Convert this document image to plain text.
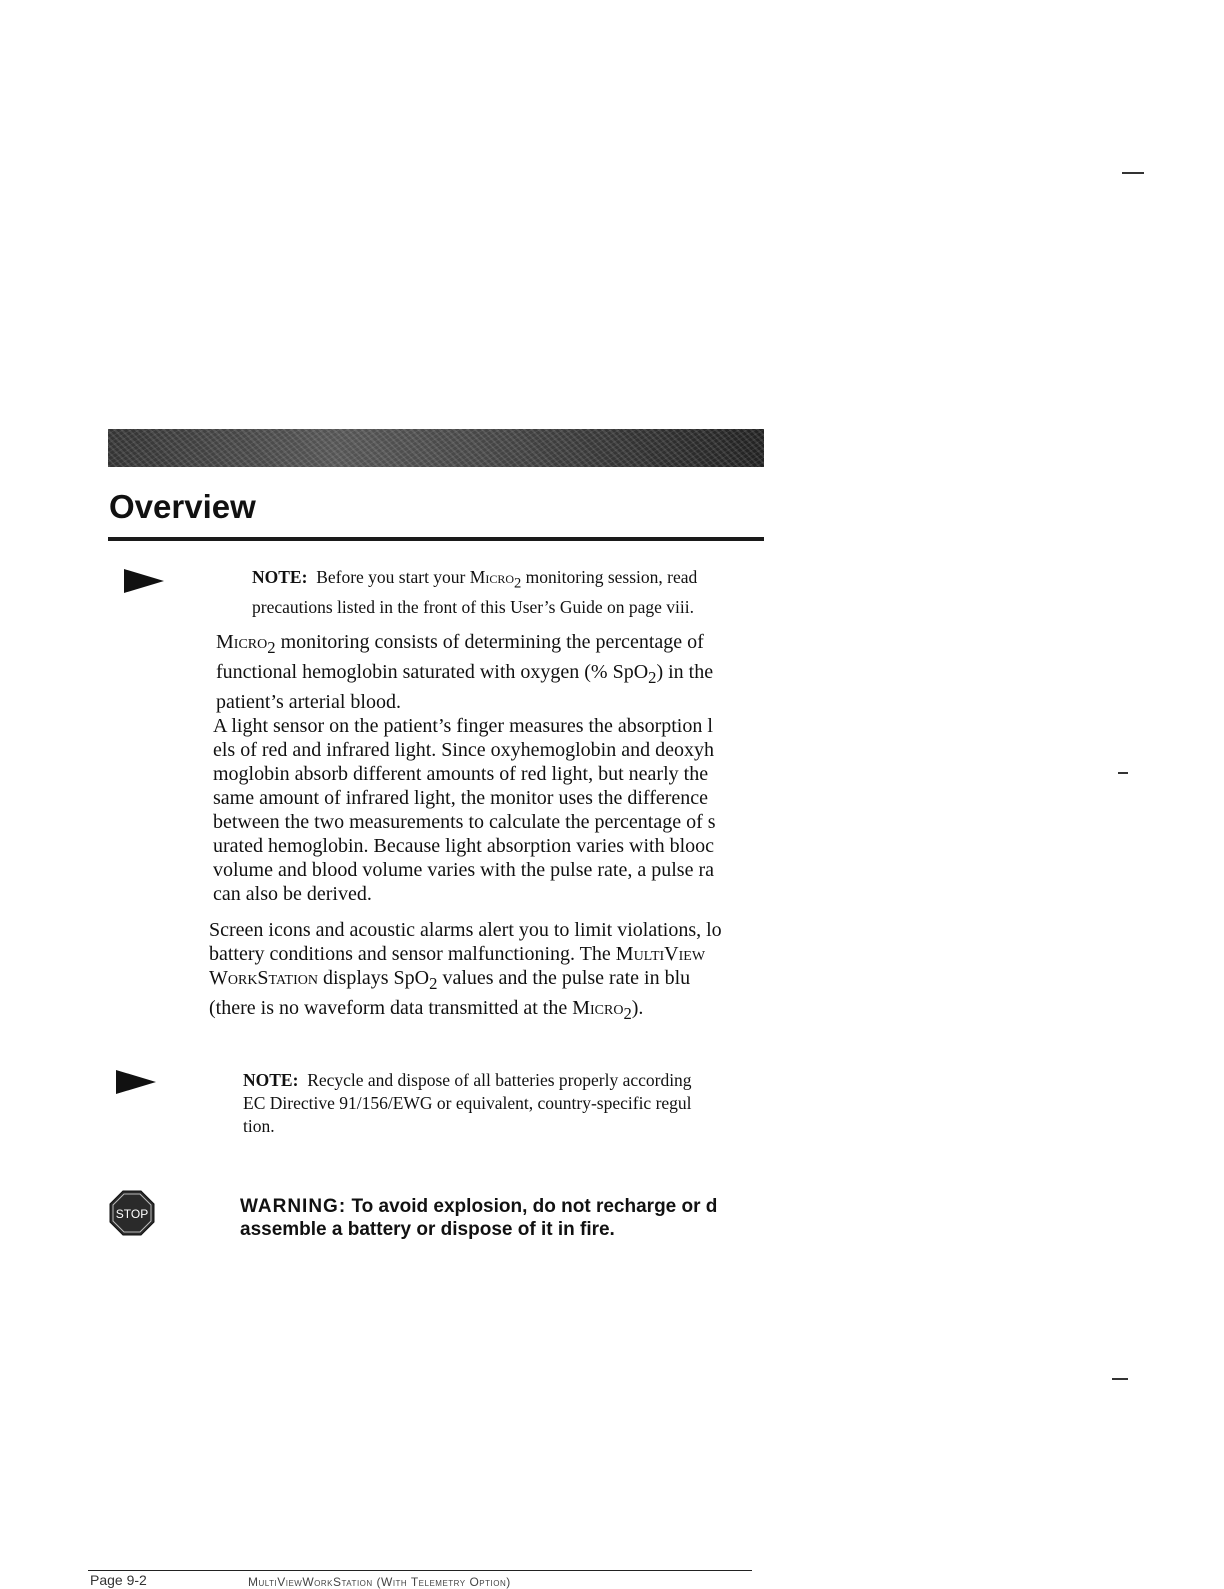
Overview
NOTE: Before you start your Micro$_2$ monitoring session, read
precautions listed in the front of this User’s Guide on page viii.
Micro$_2$ monitoring consists of determining the percentage of
functional hemoglobin saturated with oxygen (% SpO$_2$) in the
patient’s arterial blood.
A light sensor on the patient’s finger measures the absorption l
els of red and infrared light. Since oxyhemoglobin and deoxyh
moglobin absorb different amounts of red light, but nearly the
same amount of infrared light, the monitor uses the difference
between the two measurements to calculate the percentage of s
urated hemoglobin. Because light absorption varies with blooc
volume and blood volume varies with the pulse rate, a pulse ra
can also be derived.
Screen icons and acoustic alarms alert you to limit violations, lo
battery conditions and sensor malfunctioning. The MultiView
WorkStation displays SpO$_2$ values and the pulse rate in blu
(there is no waveform data transmitted at the Micro$_2$).
NOTE: Recycle and dispose of all batteries properly according
EC Directive 91/156/EWG or equivalent, country-specific regul
tion.
STOP	WARNING: To avoid explosion, do not recharge or d
assemble a battery or dispose of it in fire.
Page 9-2	MultiViewWorkStation (With Telemetry Option)
